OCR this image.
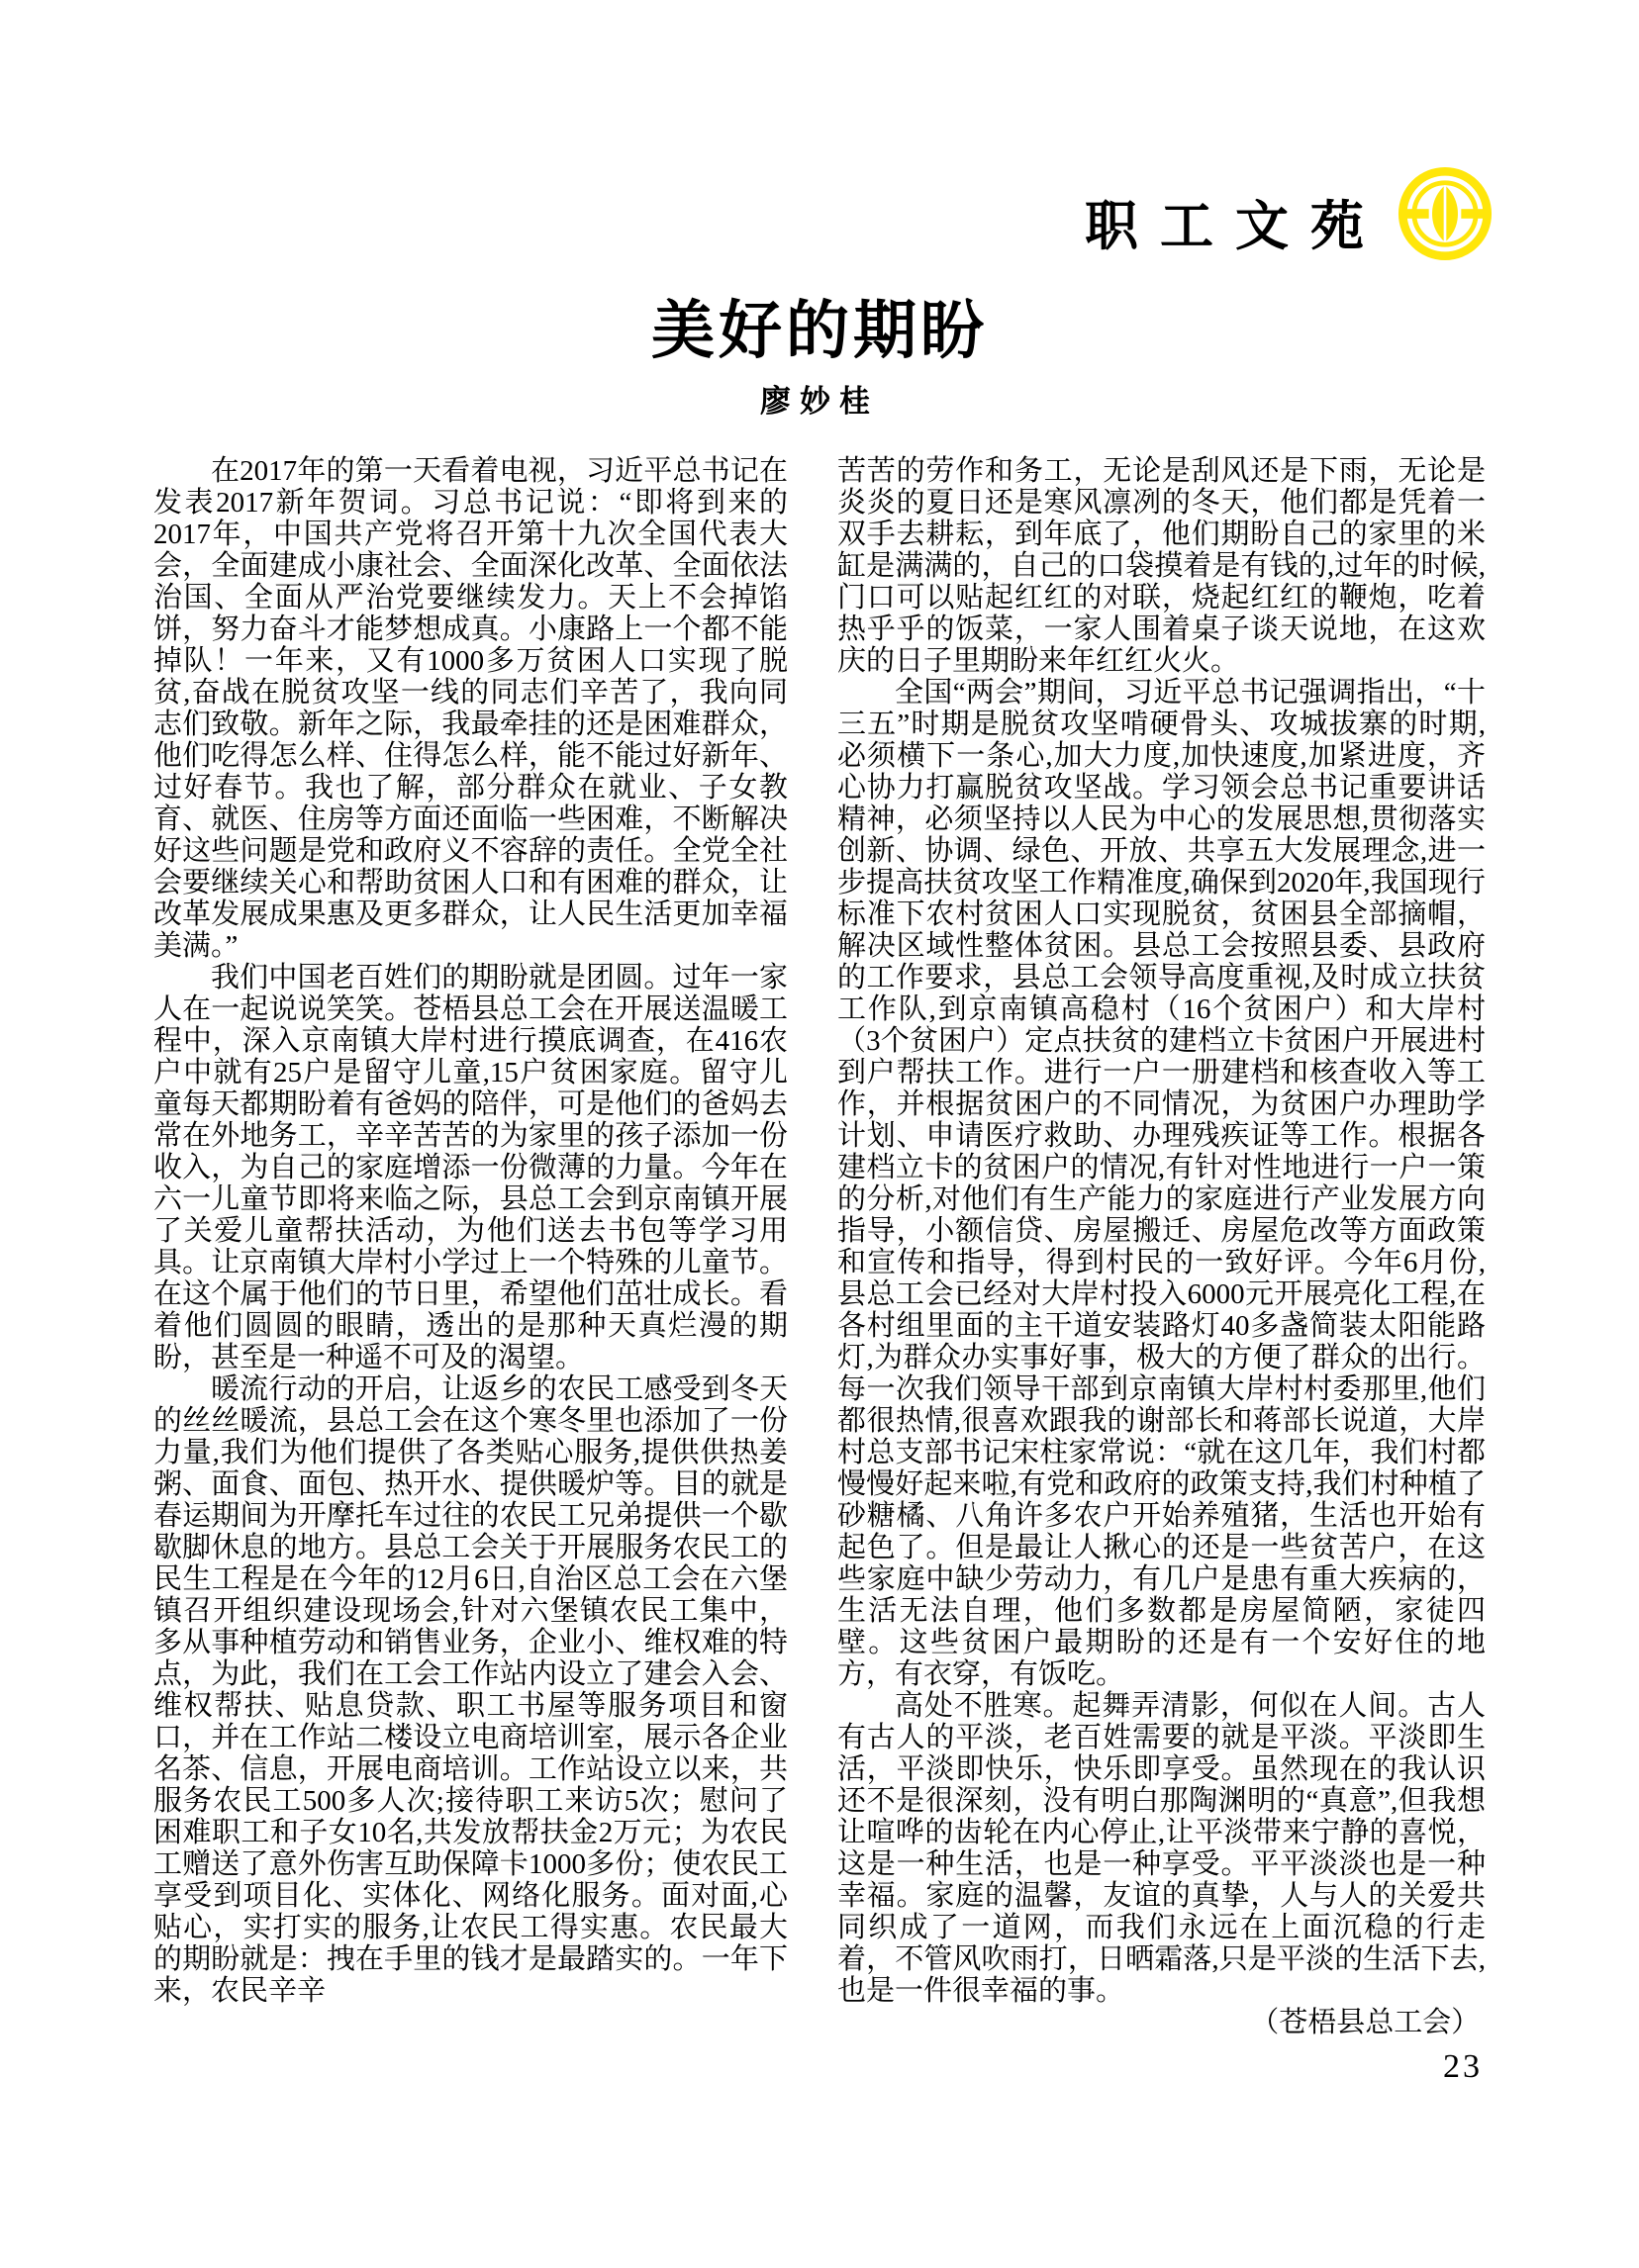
职工文苑
美好的期盼
廖妙桂

在2017年的第一天看着电视，习近平总书记在发表2017新年贺词。习总书记说：“即将到来的2017年，中国共产党将召开第十九次全国代表大会，全面建成小康社会、全面深化改革、全面依法治国、全面从严治党要继续发力。天上不会掉馅饼，努力奋斗才能梦想成真。小康路上一个都不能掉队！一年来，又有1000多万贫困人口实现了脱贫,奋战在脱贫攻坚一线的同志们辛苦了，我向同志们致敬。新年之际，我最牵挂的还是困难群众，他们吃得怎么样、住得怎么样，能不能过好新年、过好春节。我也了解，部分群众在就业、子女教育、就医、住房等方面还面临一些困难，不断解决好这些问题是党和政府义不容辞的责任。全党全社会要继续关心和帮助贫困人口和有困难的群众，让改革发展成果惠及更多群众，让人民生活更加幸福美满。”

我们中国老百姓们的期盼就是团圆。过年一家人在一起说说笑笑。苍梧县总工会在开展送温暖工程中，深入京南镇大岸村进行摸底调查，在416农户中就有25户是留守儿童,15户贫困家庭。留守儿童每天都期盼着有爸妈的陪伴，可是他们的爸妈去常在外地务工，辛辛苦苦的为家里的孩子添加一份收入，为自己的家庭增添一份微薄的力量。今年在六一儿童节即将来临之际，县总工会到京南镇开展了关爱儿童帮扶活动，为他们送去书包等学习用具。让京南镇大岸村小学过上一个特殊的儿童节。在这个属于他们的节日里，希望他们茁壮成长。看着他们圆圆的眼睛，透出的是那种天真烂漫的期盼，甚至是一种遥不可及的渴望。

暖流行动的开启，让返乡的农民工感受到冬天的丝丝暖流，县总工会在这个寒冬里也添加了一份力量,我们为他们提供了各类贴心服务,提供供热姜粥、面食、面包、热开水、提供暖炉等。目的就是春运期间为开摩托车过往的农民工兄弟提供一个歇歇脚休息的地方。县总工会关于开展服务农民工的民生工程是在今年的12月6日,自治区总工会在六堡镇召开组织建设现场会,针对六堡镇农民工集中，多从事种植劳动和销售业务，企业小、维权难的特点，为此，我们在工会工作站内设立了建会入会、维权帮扶、贴息贷款、职工书屋等服务项目和窗口，并在工作站二楼设立电商培训室，展示各企业名茶、信息，开展电商培训。工作站设立以来，共服务农民工500多人次;接待职工来访5次；慰问了困难职工和子女10名,共发放帮扶金2万元；为农民工赠送了意外伤害互助保障卡1000多份；使农民工享受到项目化、实体化、网络化服务。面对面,心贴心，实打实的服务,让农民工得实惠。农民最大的期盼就是：拽在手里的钱才是最踏实的。一年下来，农民辛辛

苦苦的劳作和务工，无论是刮风还是下雨，无论是炎炎的夏日还是寒风凛冽的冬天，他们都是凭着一双手去耕耘，到年底了，他们期盼自己的家里的米缸是满满的，自己的口袋摸着是有钱的,过年的时候,门口可以贴起红红的对联，烧起红红的鞭炮，吃着热乎乎的饭菜，一家人围着桌子谈天说地，在这欢庆的日子里期盼来年红红火火。

全国“两会”期间，习近平总书记强调指出，“十三五”时期是脱贫攻坚啃硬骨头、攻城拔寨的时期,必须横下一条心,加大力度,加快速度,加紧进度，齐心协力打赢脱贫攻坚战。学习领会总书记重要讲话精神，必须坚持以人民为中心的发展思想,贯彻落实创新、协调、绿色、开放、共享五大发展理念,进一步提高扶贫攻坚工作精准度,确保到2020年,我国现行标准下农村贫困人口实现脱贫，贫困县全部摘帽，解决区域性整体贫困。县总工会按照县委、县政府的工作要求，县总工会领导高度重视,及时成立扶贫工作队,到京南镇高稳村（16个贫困户）和大岸村（3个贫困户）定点扶贫的建档立卡贫困户开展进村到户帮扶工作。进行一户一册建档和核查收入等工作，并根据贫困户的不同情况，为贫困户办理助学计划、申请医疗救助、办理残疾证等工作。根据各建档立卡的贫困户的情况,有针对性地进行一户一策的分析,对他们有生产能力的家庭进行产业发展方向指导，小额信贷、房屋搬迁、房屋危改等方面政策和宣传和指导，得到村民的一致好评。今年6月份,县总工会已经对大岸村投入6000元开展亮化工程,在各村组里面的主干道安装路灯40多盏简装太阳能路灯,为群众办实事好事，极大的方便了群众的出行。每一次我们领导干部到京南镇大岸村村委那里,他们都很热情,很喜欢跟我的谢部长和蒋部长说道，大岸村总支部书记宋柱家常说：“就在这几年，我们村都慢慢好起来啦,有党和政府的政策支持,我们村种植了砂糖橘、八角许多农户开始养殖猪，生活也开始有起色了。但是最让人揪心的还是一些贫苦户，在这些家庭中缺少劳动力，有几户是患有重大疾病的，生活无法自理，他们多数都是房屋简陋，家徒四壁。这些贫困户最期盼的还是有一个安好住的地方，有衣穿，有饭吃。

高处不胜寒。起舞弄清影，何似在人间。古人有古人的平淡，老百姓需要的就是平淡。平淡即生活，平淡即快乐，快乐即享受。虽然现在的我认识还不是很深刻，没有明白那陶渊明的“真意”,但我想让喧哗的齿轮在内心停止,让平淡带来宁静的喜悦，这是一种生活，也是一种享受。平平淡淡也是一种幸福。家庭的温馨，友谊的真挚，人与人的关爱共同织成了一道网，而我们永远在上面沉稳的行走着，不管风吹雨打，日晒霜落,只是平淡的生活下去,也是一件很幸福的事。

（苍梧县总工会）

23
